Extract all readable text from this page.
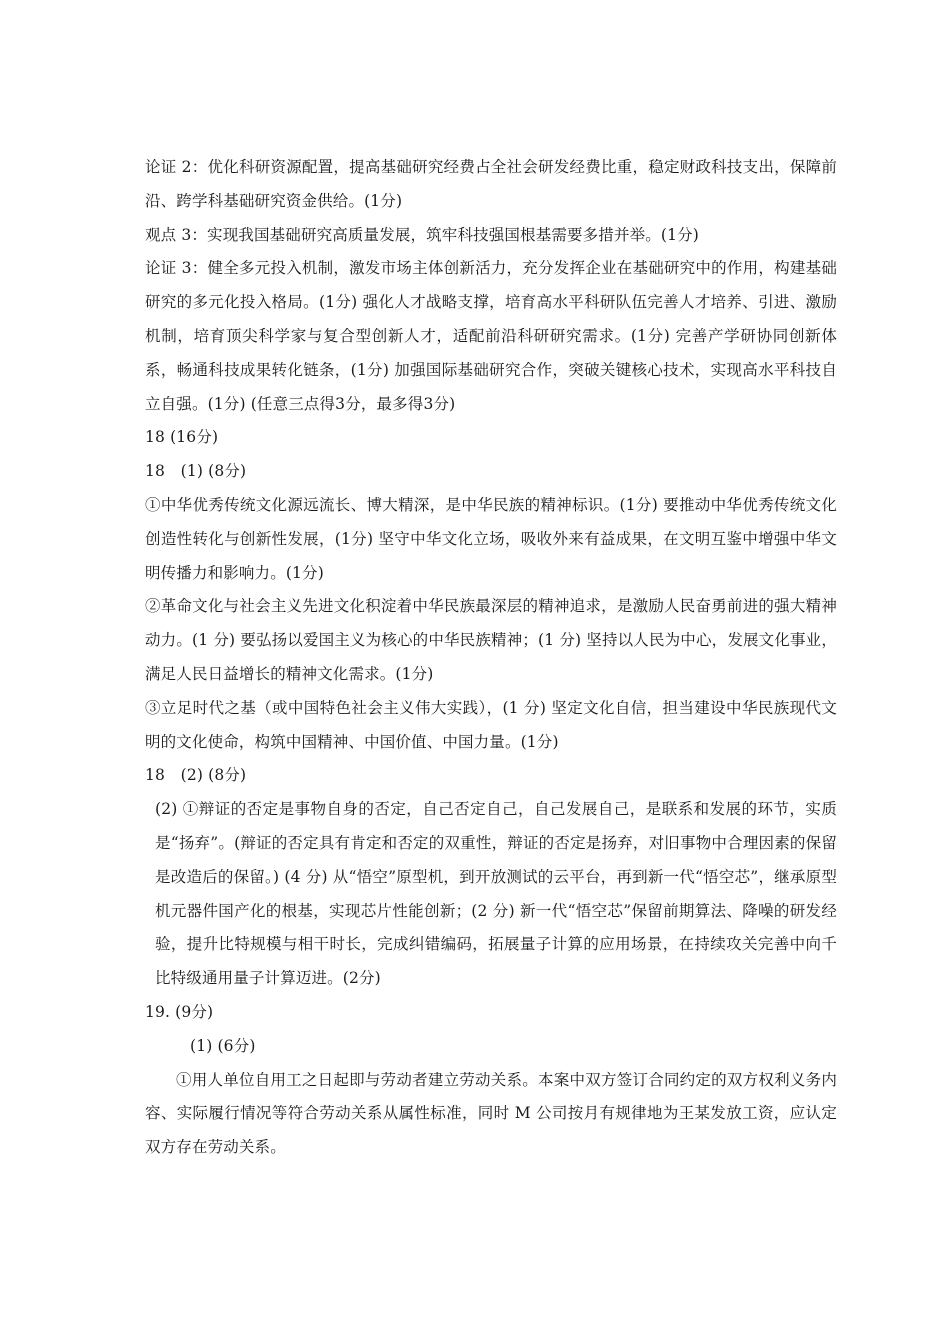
论证 2：优化科研资源配置，提高基础研究经费占全社会研发经费比重，稳定财政科技支出，保障前沿、跨学科基础研究资金供给。(1分)

观点 3：实现我国基础研究高质量发展，筑牢科技强国根基需要多措并举。(1分)

论证 3：健全多元投入机制，激发市场主体创新活力，充分发挥企业在基础研究中的作用，构建基础研究的多元化投入格局。(1分) 强化人才战略支撑，培育高水平科研队伍完善人才培养、引进、激励机制，培育顶尖科学家与复合型创新人才，适配前沿科研研究需求。(1分) 完善产学研协同创新体系，畅通科技成果转化链条，(1分) 加强国际基础研究合作，突破关键核心技术，实现高水平科技自立自强。(1分) (任意三点得3分，最多得3分)

18 (16分)

18　(1) (8分)

①中华优秀传统文化源远流长、博大精深，是中华民族的精神标识。(1分) 要推动中华优秀传统文化创造性转化与创新性发展，(1分) 坚守中华文化立场，吸收外来有益成果，在文明互鉴中增强中华文明传播力和影响力。(1分)

②革命文化与社会主义先进文化积淀着中华民族最深层的精神追求，是激励人民奋勇前进的强大精神动力。(1 分) 要弘扬以爱国主义为核心的中华民族精神；(1 分) 坚持以人民为中心，发展文化事业，满足人民日益增长的精神文化需求。(1分)

③立足时代之基（或中国特色社会主义伟大实践），(1 分) 坚定文化自信，担当建设中华民族现代文明的文化使命，构筑中国精神、中国价值、中国力量。(1分)

18　(2) (8分)

(2) ①辩证的否定是事物自身的否定，自己否定自己，自己发展自己，是联系和发展的环节，实质是“扬弃”。(辩证的否定具有肯定和否定的双重性，辩证的否定是扬弃，对旧事物中合理因素的保留是改造后的保留。) (4 分) 从“悟空”原型机，到开放测试的云平台，再到新一代“悟空芯”，继承原型机元器件国产化的根基，实现芯片性能创新；(2 分) 新一代“悟空芯”保留前期算法、降噪的研发经验，提升比特规模与相干时长，完成纠错编码，拓展量子计算的应用场景，在持续攻关完善中向千比特级通用量子计算迈进。(2分)

19. (9分)

(1) (6分)

①用人单位自用工之日起即与劳动者建立劳动关系。本案中双方签订合同约定的双方权利义务内容、实际履行情况等符合劳动关系从属性标准，同时 M 公司按月有规律地为王某发放工资，应认定双方存在劳动关系。
